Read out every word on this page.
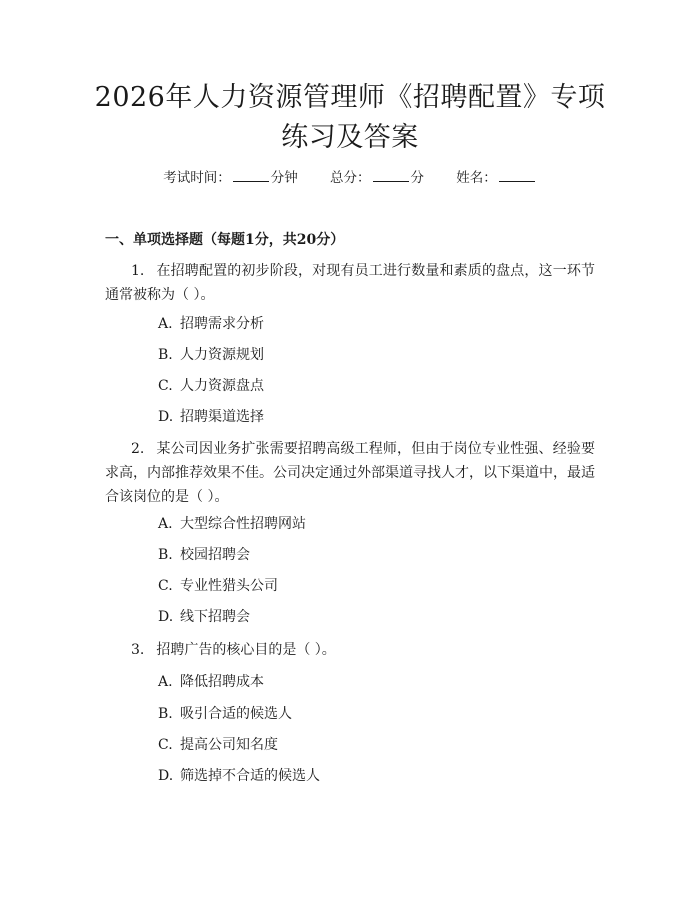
2026年人力资源管理师《招聘配置》专项练习及答案
考试时间：	分钟 总分：	分 姓名：
一、单项选择题（每题1分，共20分）
1. 在招聘配置的初步阶段，对现有员工进行数量和素质的盘点，这一环节通常被称为（ ）。
A. 招聘需求分析
B. 人力资源规划
C. 人力资源盘点
D. 招聘渠道选择
2. 某公司因业务扩张需要招聘高级工程师，但由于岗位专业性强、经验要求高，内部推荐效果不佳。公司决定通过外部渠道寻找人才，以下渠道中，最适合该岗位的是（ ）。
A. 大型综合性招聘网站
B. 校园招聘会
C. 专业性猎头公司
D. 线下招聘会
3. 招聘广告的核心目的是（ ）。
A. 降低招聘成本
B. 吸引合适的候选人
C. 提高公司知名度
D. 筛选掉不合适的候选人
